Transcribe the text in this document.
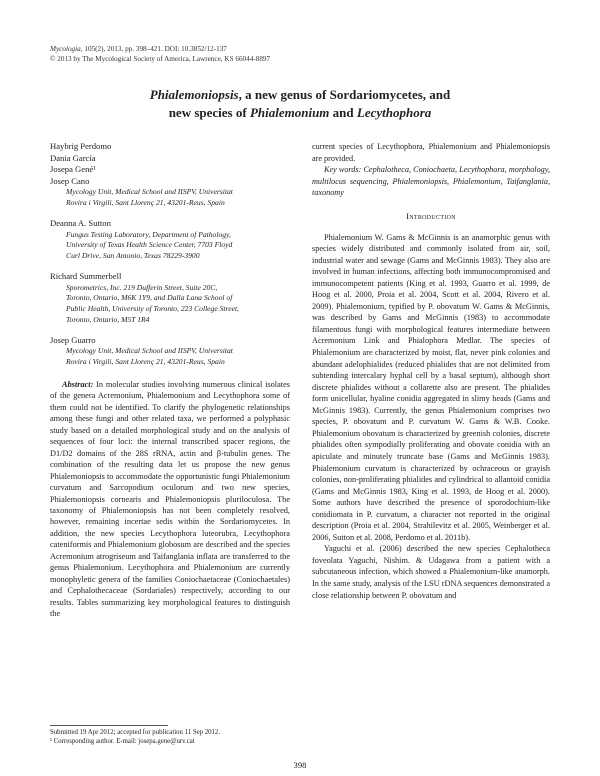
Mycologia, 105(2), 2013, pp. 398–421. DOI: 10.3852/12-137
© 2013 by The Mycological Society of America, Lawrence, KS 66044-8897
Phialemoniopsis, a new genus of Sordariomycetes, and
new species of Phialemonium and Lecythophora
Haybrig Perdomo
Dania García
Josepa Gené¹
Josep Cano
Mycology Unit, Medical School and IISPV, Universitat
Rovira i Virgili, Sant Llorenç 21, 43201-Reus, Spain
Deanna A. Sutton
Fungus Testing Laboratory, Department of Pathology,
University of Texas Health Science Center, 7703 Floyd
Curl Drive, San Antonio, Texas 78229-3900
Richard Summerbell
Sporometrics, Inc. 219 Dufferin Street, Suite 20C,
Toronto, Ontario, M6K 1Y9, and Dalla Lana School of
Public Health, University of Toronto, 223 College Street,
Toronto, Ontario, M5T 1R4
Josep Guarro
Mycology Unit, Medical School and IISPV, Universitat
Rovira i Virgili, Sant Llorenç 21, 43201-Reus, Spain

Abstract: In molecular studies involving numerous clinical isolates of the genera Acremonium, Phialemonium and Lecythophora some of them could not be identified. To clarify the phylogenetic relationships among these fungi and other related taxa, we performed a polyphasic study based on a detailed morphological study and on the analysis of sequences of four loci: the internal transcribed spacer regions, the D1/D2 domains of the 28S rRNA, actin and β-tubulin genes. The combination of the resulting data let us propose the new genus Phialemoniopsis to accommodate the opportunistic fungi Phialemonium curvatum and Sarcopodium oculorum and two new species, Phialemoniopsis cornearis and Phialemoniopsis pluriloculosa. The taxonomy of Phialemoniopsis has not been completely resolved, however, remaining incertae sedis within the Sordariomycetes. In addition, the new species Lecythophora luteorubra, Lecythophora cateniformis and Phialemonium globosum are described and the species Acremonium atrogriseum and Taifanglania inflata are transferred to the genus Phialemonium. Lecythophora and Phialemonium are currently monophyletic genera of the families Coniochaetaceae (Coniochaetales) and Cephalothecaceae (Sordariales) respectively, according to our results. Tables summarizing key morphological features to distinguish the

current species of Lecythophora, Phialemonium and Phialemoniopsis are provided.

Key words: Cephalotheca, Coniochaeta, Lecythophora, morphology, multilocus sequencing, Phialemoniopsis, Phialemonium, Taifanglania, taxonomy

Introduction

Phialemonium W. Gams & McGinnis is an anamorphic genus with species widely distributed and commonly isolated from air, soil, industrial water and sewage (Gams and McGinnis 1983). They also are involved in human infections, affecting both immunocompromised and immunocompetent patients (King et al. 1993, Guarro et al. 1999, de Hoog et al. 2000, Proia et al. 2004, Scott et al. 2004, Rivero et al. 2009). Phialemonium, typified by P. obovatum W. Gams & McGinnis, was described by Gams and McGinnis (1983) to accommodate filamentous fungi with morphological features intermediate between Acremonium Link and Phialophora Medlar. The species of Phialemonium are characterized by moist, flat, never pink colonies and abundant adelophialides (reduced phialides that are not delimited from subtending intercalary hyphal cell by a basal septum), although short discrete phialides without a collarette also are present. The phialides form unicellular, hyaline conidia aggregated in slimy heads (Gams and McGinnis 1983). Currently, the genus Phialemonium comprises two species, P. obovatum and P. curvatum W. Gams & W.B. Cooke. Phialemonium obovatum is characterized by greenish colonies, discrete phialides often sympodially proliferating and obovate conidia with an apiculate and minutely truncate base (Gams and McGinnis 1983). Phialemonium curvatum is characterized by ochraceous or grayish colonies, non-proliferating phialides and cylindrical to allantoid conidia (Gams and McGinnis 1983, King et al. 1993, de Hoog et al. 2000). Some authors have described the presence of sporodochium-like conidiomata in P. curvatum, a character not reported in the original description (Proia et al. 2004, Strahilevitz et al. 2005, Weinberger et al. 2006, Sutton et al. 2008, Perdomo et al. 2011b).

Yaguchi et al. (2006) described the new species Cephalotheca foveolata Yaguchi, Nishim. & Udagawa from a patient with a subcutaneous infection, which showed a Phialemonium-like anamorph. In the same study, analysis of the LSU rDNA sequences demonstrated a close relationship between P. obovatum and

Submitted 19 Apr 2012; accepted for publication 11 Sep 2012.
¹ Corresponding author. E-mail: josepa.gene@urv.cat
398
